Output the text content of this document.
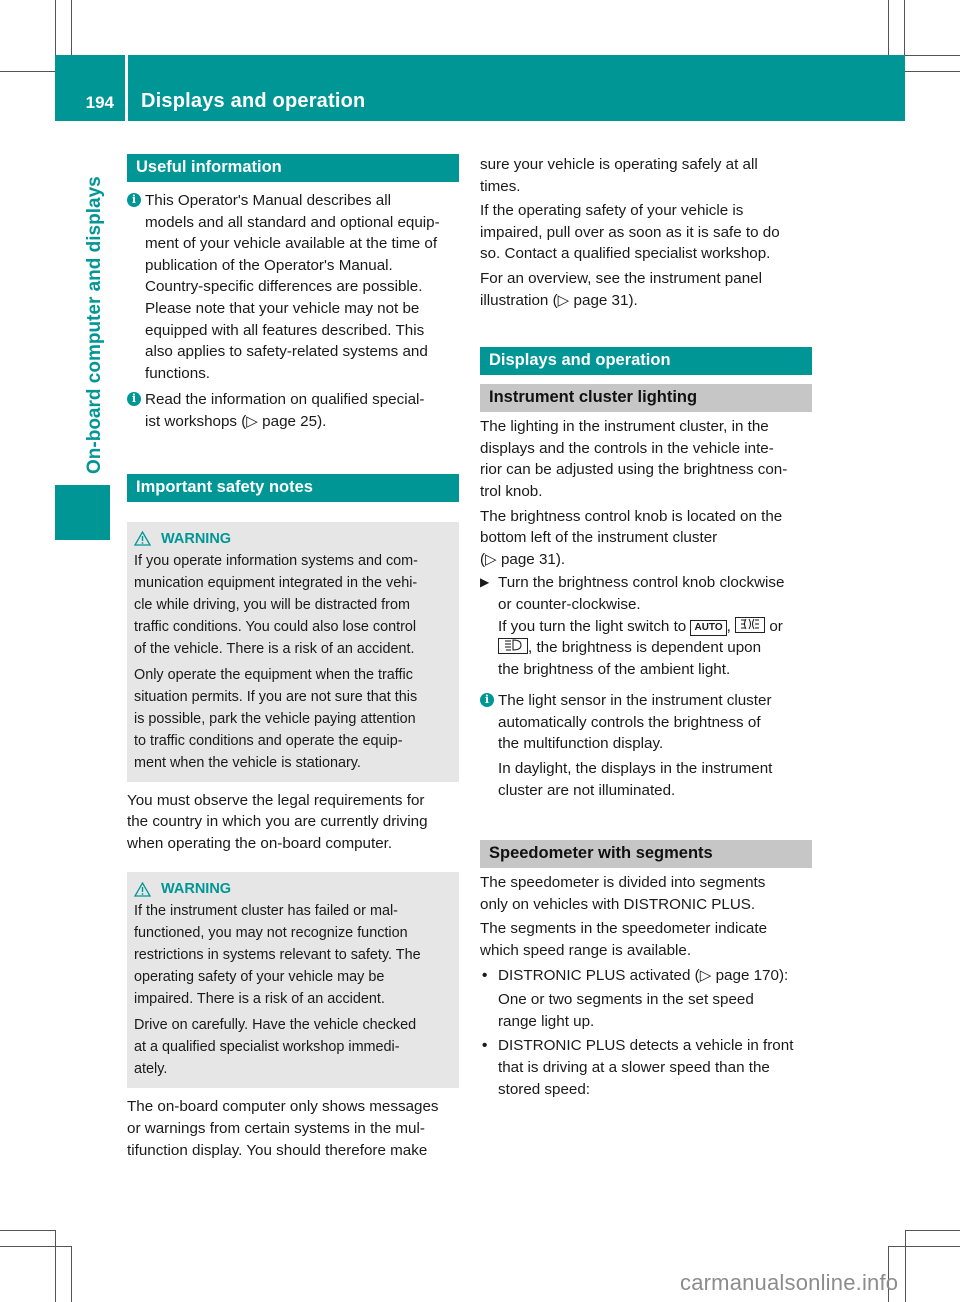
194 Displays and operation
On-board computer and displays
Useful information
i This Operator's Manual describes all

models and all standard and optional equip-

ment of your vehicle available at the time of

publication of the Operator's Manual.

Country-specific differences are possible.

Please note that your vehicle may not be

equipped with all features described. This

also applies to safety-related systems and

functions.

i Read the information on qualified special-

ist workshops (▷ page 25).

Important safety notes
WARNING

If you operate information systems and com-

munication equipment integrated in the vehi-

cle while driving, you will be distracted from

traffic conditions. You could also lose control

of the vehicle. There is a risk of an accident.

Only operate the equipment when the traffic

situation permits. If you are not sure that this

is possible, park the vehicle paying attention

to traffic conditions and operate the equip-

ment when the vehicle is stationary.

You must observe the legal requirements for

the country in which you are currently driving

when operating the on-board computer.

WARNING

If the instrument cluster has failed or mal-

functioned, you may not recognize function

restrictions in systems relevant to safety. The

operating safety of your vehicle may be

impaired. There is a risk of an accident.

Drive on carefully. Have the vehicle checked

at a qualified specialist workshop immedi-

ately.

The on-board computer only shows messages

or warnings from certain systems in the mul-

tifunction display. You should therefore make

sure your vehicle is operating safely at all

times.

If the operating safety of your vehicle is

impaired, pull over as soon as it is safe to do

so. Contact a qualified specialist workshop.

For an overview, see the instrument panel

illustration (▷ page 31).

Displays and operation
Instrument cluster lighting

The lighting in the instrument cluster, in the

displays and the controls in the vehicle inte-

rior can be adjusted using the brightness con-

trol knob.

The brightness control knob is located on the

bottom left of the instrument cluster

(▷ page 31).

▶ Turn the brightness control knob clockwise

or counter-clockwise.

If you turn the light switch to AUTO ,	or

, the brightness is dependent upon

the brightness of the ambient light.

i The light sensor in the instrument cluster

automatically controls the brightness of

the multifunction display.

In daylight, the displays in the instrument

cluster are not illuminated.

Speedometer with segments

The speedometer is divided into segments

only on vehicles with DISTRONIC PLUS.

The segments in the speedometer indicate

which speed range is available.

• DISTRONIC PLUS activated (▷ page 170):

One or two segments in the set speed

range light up.

• DISTRONIC PLUS detects a vehicle in front

that is driving at a slower speed than the

stored speed:

carmanualsonline.info
